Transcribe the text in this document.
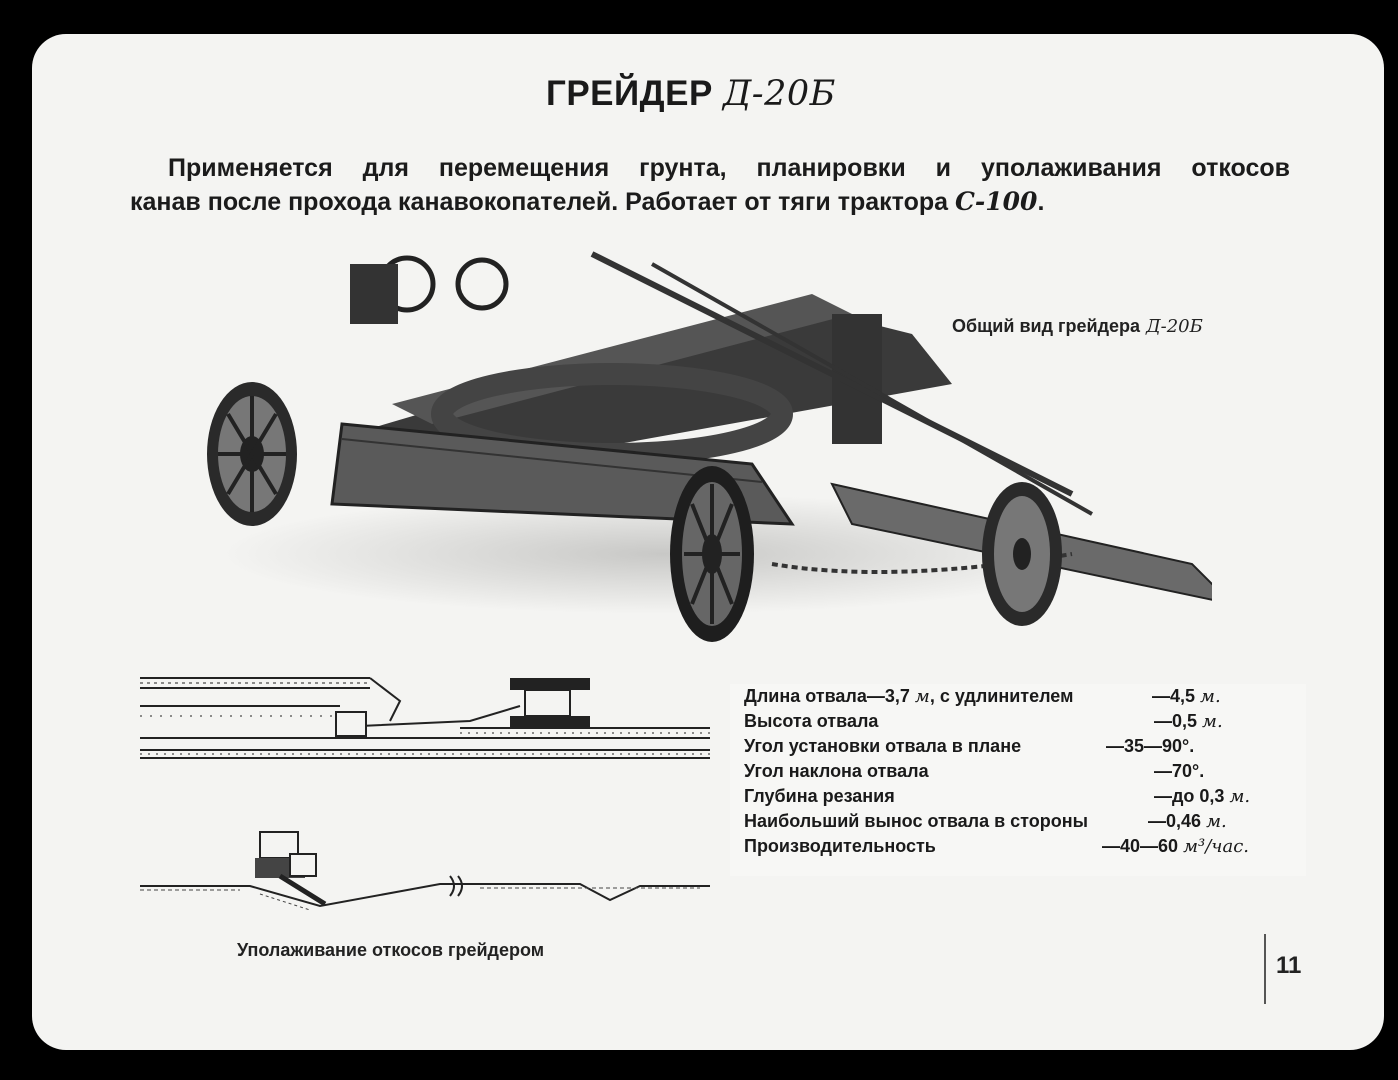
ГРЕЙДЕР Д-20Б
Применяется для перемещения грунта, планировки и уполаживания откосов
канав после прохода канавокопателей. Работает от тяги трактора С-100.
Общий вид грейдера Д-20Б
Уполаживание откосов грейдером
Длина отвала—3,7 м, с удлинителем	—4,5 м.
Высота отвала	—0,5 м.
Угол установки отвала в плане	—35—90°.
Угол наклона отвала	—70°.
Глубина резания	—до 0,3 м.
Наибольший вынос отвала в стороны	—0,46 м.
Производительность	—40—60 м³/час.
11
